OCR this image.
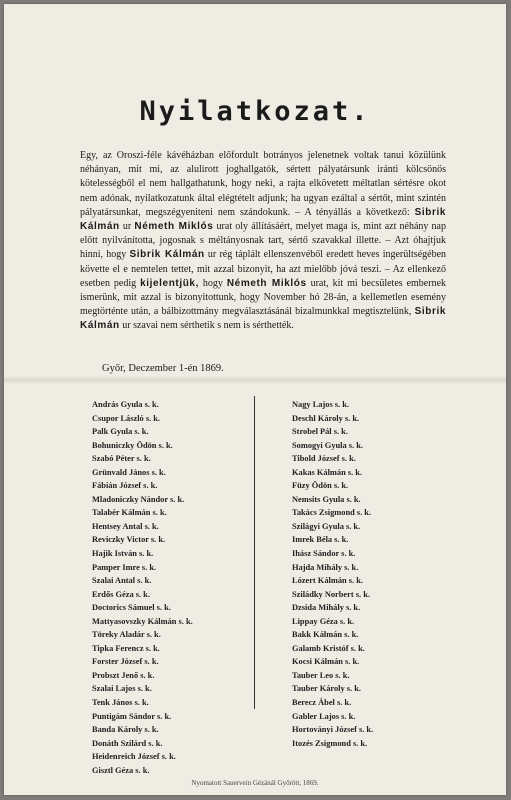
Nyilatkozat.

Egy, az Oroszi-féle kávéházban előfordult botrányos jelenetnek voltak tanui közülünk néhányan, mit mi, az alulirott joghallgatók, sértett pályatársunk iránti kölcsönös kötelességből el nem hallgathatunk, hogy neki, a rajta elkövetett méltatlan sértésre okot nem adónak, nyilatkozatunk által elégtételt adjunk; ha ugyan ezáltal a sértőt, mint szintén pályatársunkat, megszégyeniteni nem szándokunk. – A tényállás a következő: Sibrik Kálmán ur Németh Miklós urat oly állításáért, melyet maga is, mint azt néhány nap előtt nyilvánította, jogosnak s méltányosnak tart, sértő szavakkal illette. – Azt óhajtjuk hinni, hogy Sibrik Kálmán ur rég táplált ellenszenvéből eredett heves ingerültségében követte el e nemtelen tettet, mit azzal bizonyit, ha azt mielőbb jóvá teszi. – Az ellenkező esetben pedig kijelentjük, hogy Németh Miklós urat, kit mi becsületes embernek ismerünk, mit azzal is bizonyitottunk, hogy November hó 28-án, a kellemetlen esemény megtörténte után, a bálbizottmány megválasztásánál bizalmunkkal megtisztelünk, Sibrik Kálmán ur szavai nem sérthetik s nem is sérthették.

Győr, Deczember 1-én 1869.
András Gyula s. k.
Csupor László s. k.
Palk Gyula s. k.
Bohuniczky Ödön s. k.
Szabó Péter s. k.
Grünvald János s. k.
Fábián József s. k.
Mladoniczky Nándor s. k.
Talabér Kálmán s. k.
Hentsey Antal s. k.
Reviczky Victor s. k.
Hajik István s. k.
Pamper Imre s. k.
Szalai Antal s. k.
Erdős Géza s. k.
Doctorics Sámuel s. k.
Mattyasovszky Kálmán s. k.
Töreky Aladár s. k.
Tipka Ferencz s. k.
Forster József s. k.
Probszt Jenő s. k.
Szalai Lajos s. k.
Tenk János s. k.
Puntigám Sándor s. k.
Banda Károly s. k.
Donáth Szilárd s. k.
Heidenreich József s. k.
Gisztl Géza s. k.
Nagy Lajos s. k.
Deschl Károly s. k.
Strobel Pál s. k.
Somogyi Gyula s. k.
Tibold József s. k.
Kakas Kálmán s. k.
Füzy Ödön s. k.
Nemsits Gyula s. k.
Takács Zsigmond s. k.
Szilágyi Gyula s. k.
Imrek Béla s. k.
Ihász Sándor s. k.
Hajda Mihály s. k.
Lózert Kálmán s. k.
Sziládky Norbert s. k.
Dzsida Mihály s. k.
Lippay Géza s. k.
Bakk Kálmán s. k.
Galamb Kristóf s. k.
Kocsi Kálmán s. k.
Tauber Leo s. k.
Tauber Károly s. k.
Berecz Ábel s. k.
Gabler Lajos s. k.
Hortoványi József s. k.
Itozés Zsigmond s. k.
Nyomatott Sauervein Gézánál Győrött, 1869.
